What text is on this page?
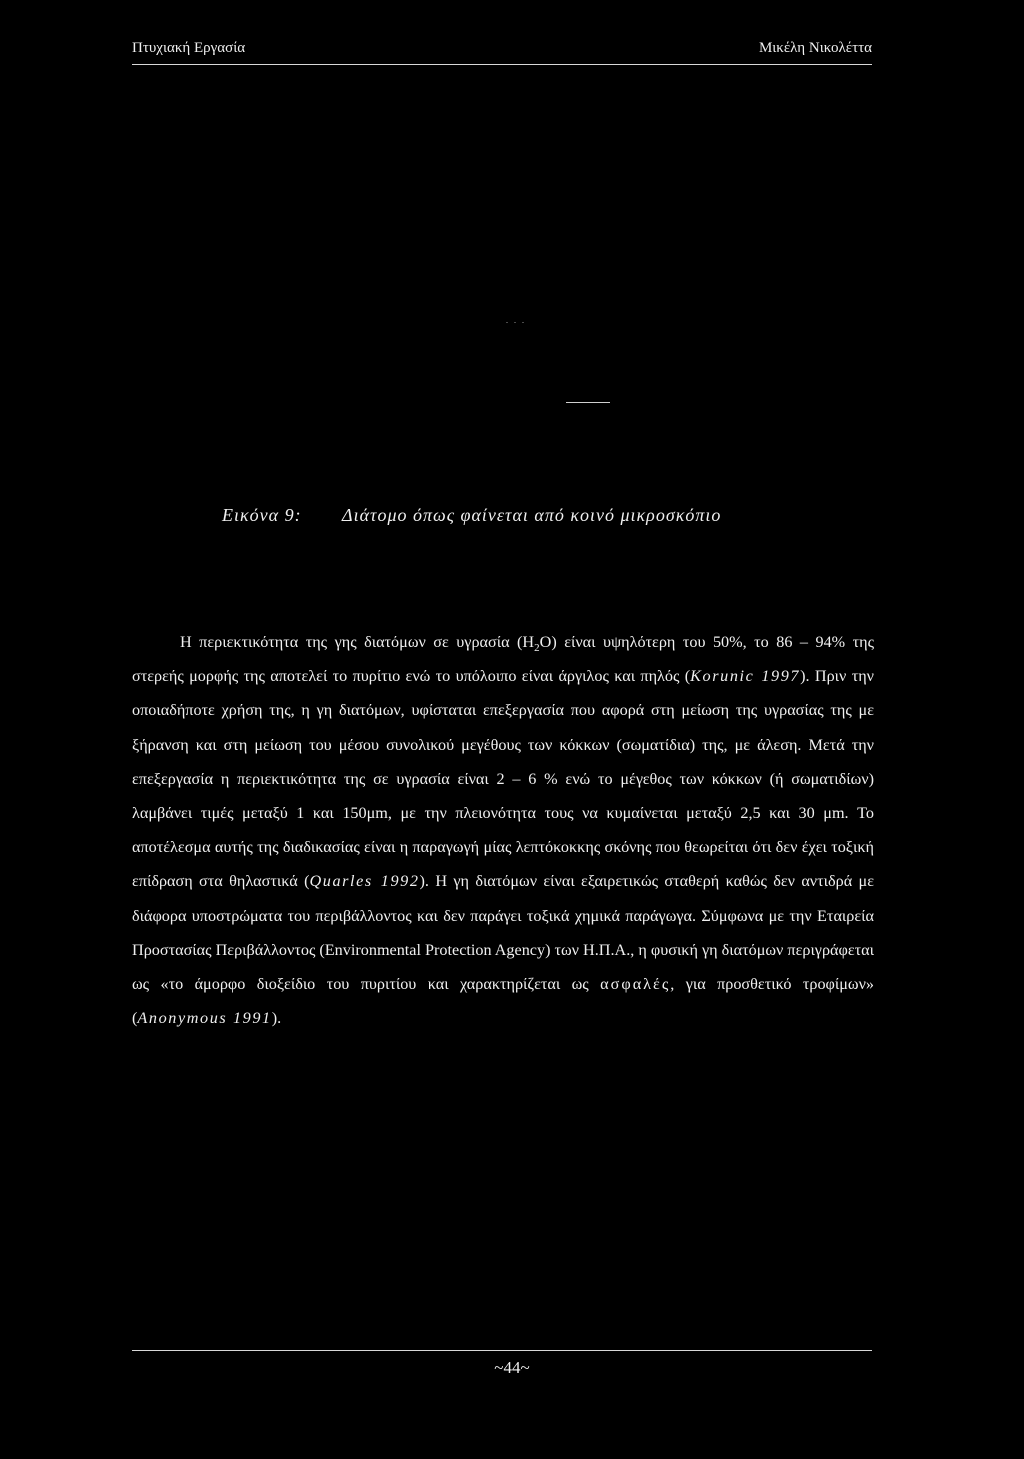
Πτυχιακή Εργασία	Μικέλη Νικολέττα
. . .
Εικόνα 9: Διάτομο όπως φαίνεται από κοινό μικροσκόπιο

Η περιεκτικότητα της γης διατόμων σε υγρασία $(H_2O)$ είναι υψηλότερη του 50%, το 86 – 94% της στερεής μορφής της αποτελεί το πυρίτιο ενώ το υπόλοιπο είναι άργιλος και πηλός (Korunic 1997). Πριν την οποιαδήποτε χρήση της, η γη διατόμων, υφίσταται επεξεργασία που αφορά στη μείωση της υγρασίας της με ξήρανση και στη μείωση του μέσου συνολικού μεγέθους των κόκκων (σωματίδια) της, με άλεση. Μετά την επεξεργασία η περιεκτικότητα της σε υγρασία είναι 2 – 6 % ενώ το μέγεθος των κόκκων (ή σωματιδίων) λαμβάνει τιμές μεταξύ 1 και 150μm, με την πλειονότητα τους να κυμαίνεται μεταξύ 2,5 και 30 μm. Το αποτέλεσμα αυτής της διαδικασίας είναι η παραγωγή μίας λεπτόκοκκης σκόνης που θεωρείται ότι δεν έχει τοξική επίδραση στα θηλαστικά (Quarles 1992). Η γη διατόμων είναι εξαιρετικώς σταθερή καθώς δεν αντιδρά με διάφορα υποστρώματα του περιβάλλοντος και δεν παράγει τοξικά χημικά παράγωγα. Σύμφωνα με την Εταιρεία Προστασίας Περιβάλλοντος (Environmental Protection Agency) των Η.Π.Α., η φυσική γη διατόμων περιγράφεται ως «το άμορφο διοξείδιο του πυριτίου και χαρακτηρίζεται ως ασφαλές, για προσθετικό τροφίμων» (Anonymous 1991).

~44~
